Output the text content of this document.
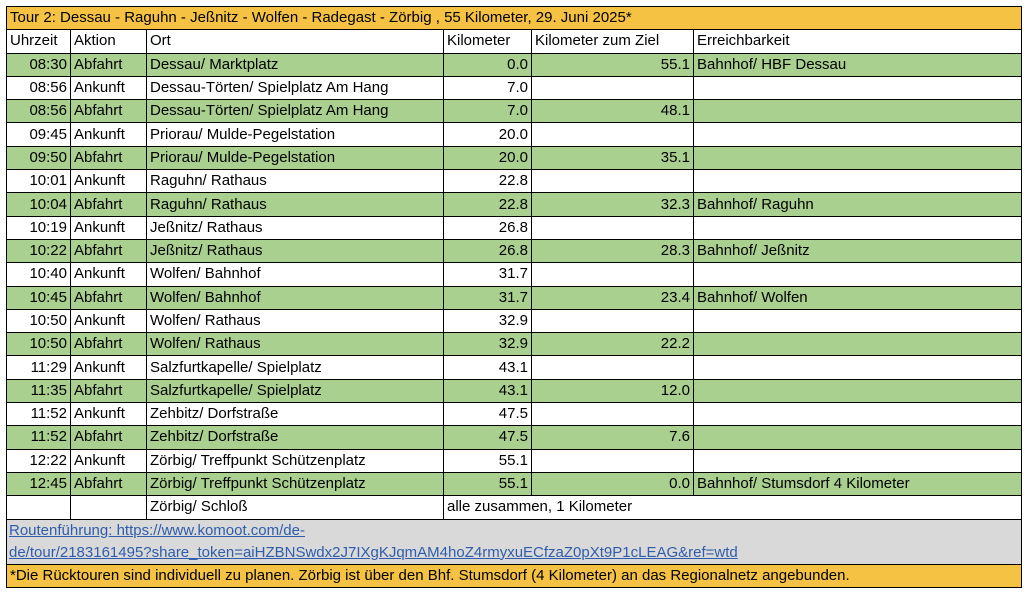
Tour 2: Dessau - Raguhn - Jeßnitz - Wolfen - Radegast - Zörbig , 55 Kilometer, 29. Juni 2025*					
Uhrzeit	Aktion	Ort	Kilometer	Kilometer zum Ziel	Erreichbarkeit
08:30	Abfahrt	Dessau/ Marktplatz	0.0	55.1	Bahnhof/ HBF Dessau
08:56	Ankunft	Dessau-Törten/ Spielplatz Am Hang	7.0		
08:56	Abfahrt	Dessau-Törten/ Spielplatz Am Hang	7.0	48.1	
09:45	Ankunft	Priorau/ Mulde-Pegelstation	20.0		
09:50	Abfahrt	Priorau/ Mulde-Pegelstation	20.0	35.1	
10:01	Ankunft	Raguhn/ Rathaus	22.8		
10:04	Abfahrt	Raguhn/ Rathaus	22.8	32.3	Bahnhof/ Raguhn
10:19	Ankunft	Jeßnitz/ Rathaus	26.8		
10:22	Abfahrt	Jeßnitz/ Rathaus	26.8	28.3	Bahnhof/ Jeßnitz
10:40	Ankunft	Wolfen/ Bahnhof	31.7		
10:45	Abfahrt	Wolfen/ Bahnhof	31.7	23.4	Bahnhof/ Wolfen
10:50	Ankunft	Wolfen/ Rathaus	32.9		
10:50	Abfahrt	Wolfen/ Rathaus	32.9	22.2	
11:29	Ankunft	Salzfurtkapelle/ Spielplatz	43.1		
11:35	Abfahrt	Salzfurtkapelle/ Spielplatz	43.1	12.0	
11:52	Ankunft	Zehbitz/ Dorfstraße	47.5		
11:52	Abfahrt	Zehbitz/ Dorfstraße	47.5	7.6	
12:22	Ankunft	Zörbig/ Treffpunkt Schützenplatz	55.1		
12:45	Abfahrt	Zörbig/ Treffpunkt Schützenplatz	55.1	0.0	Bahnhof/ Stumsdorf 4 Kilometer
		Zörbig/ Schloß	alle zusammen, 1 Kilometer		
Routenführung: https://www.komoot.com/de-
de/tour/2183161495?share_token=aiHZBNSwdx2J7IXgKJqmAM4hoZ4rmyxuECfzaZ0pXt9P1cLEAG&ref=wtd					
*Die Rücktouren sind individuell zu planen. Zörbig ist über den Bhf. Stumsdorf (4 Kilometer) an das Regionalnetz angebunden.					
